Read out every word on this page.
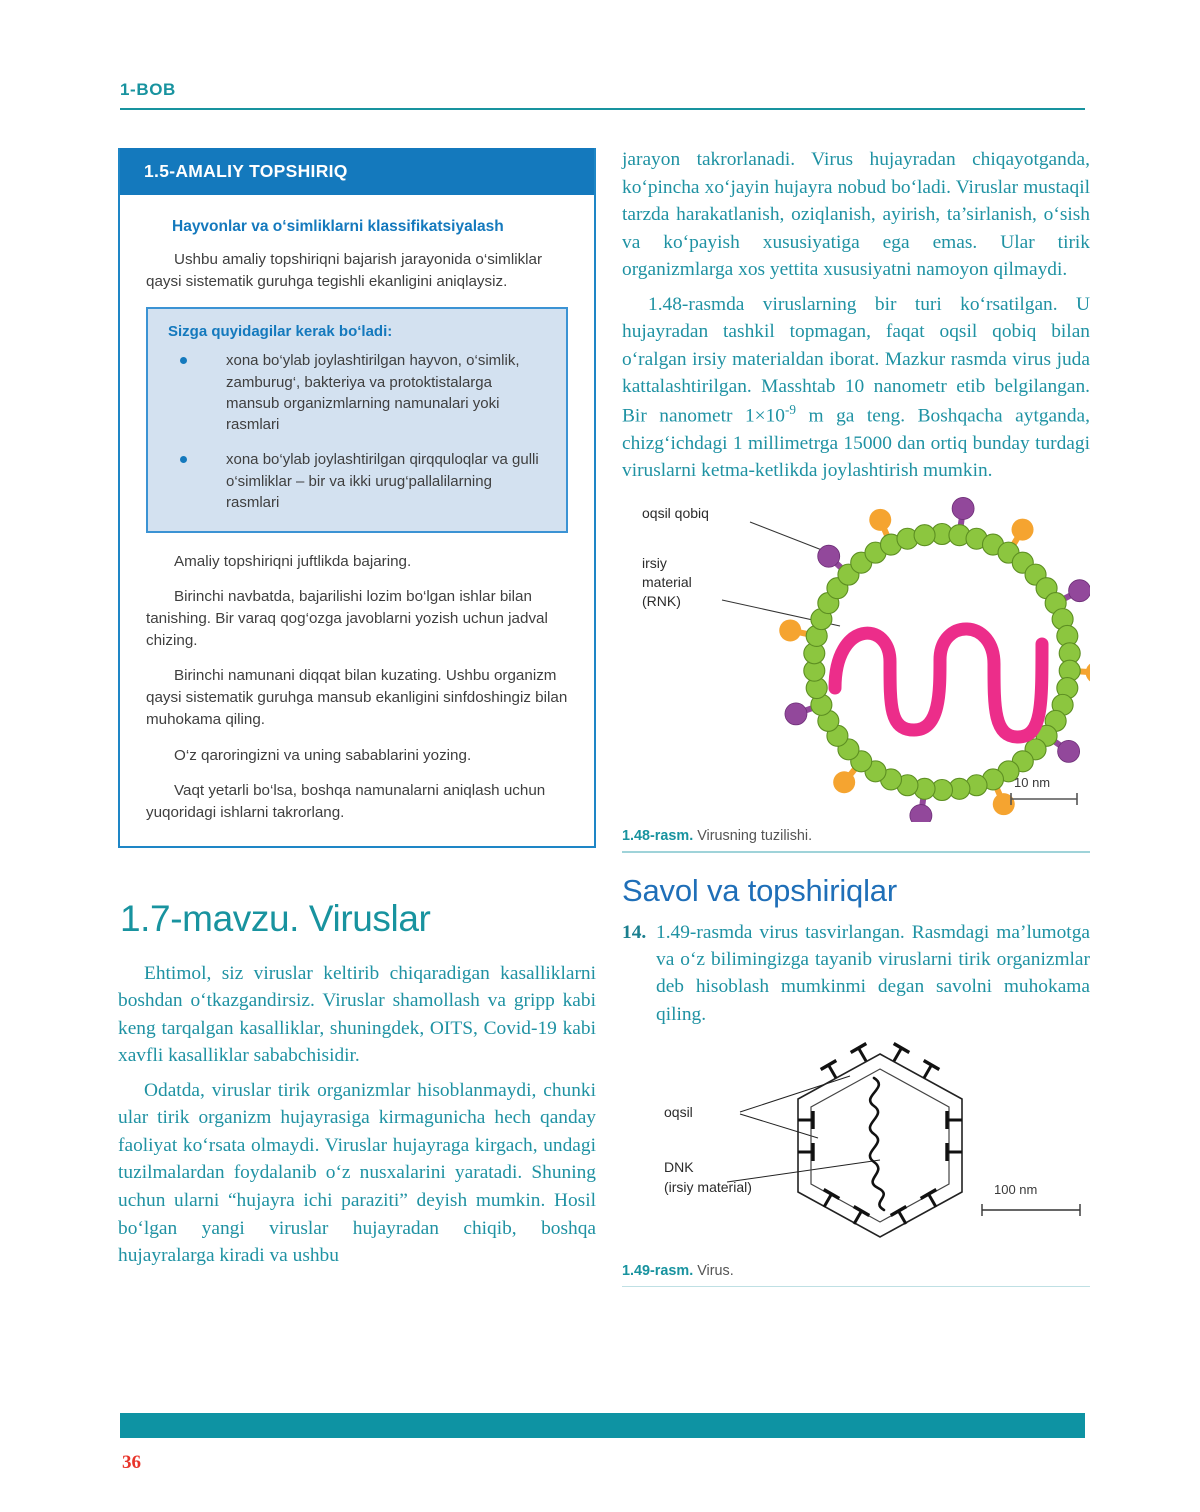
1-BOB
1.5-AMALIY TOPSHIRIQ
Hayvonlar va o‘simliklarni klassifikatsiyalash

Ushbu amaliy topshiriqni bajarish jarayonida o‘simliklar qaysi sistematik guruhga tegishli ekanligini aniqlaysiz.

Sizga quyidagilar kerak bo‘ladi:
xona bo‘ylab joylashtirilgan hayvon, o‘simlik, zamburug‘, bakteriya va protoktistalarga mansub organizmlarning namunalari yoki rasmlari
xona bo‘ylab joylashtirilgan qirqquloqlar va gulli o‘simliklar – bir va ikki urug‘pallalilarning rasmlari

Amaliy topshiriqni juftlikda bajaring.

Birinchi navbatda, bajarilishi lozim bo‘lgan ishlar bilan tanishing. Bir varaq qog‘ozga javoblarni yozish uchun jadval chizing.

Birinchi namunani diqqat bilan kuzating. Ushbu organizm qaysi sistematik guruhga mansub ekanligini sinfdoshingiz bilan muhokama qiling.

O‘z qaroringizni va uning sabablarini yozing.

Vaqt yetarli bo‘lsa, boshqa namunalarni aniqlash uchun yuqoridagi ishlarni takrorlang.

1.7-mavzu. Viruslar

Ehtimol, siz viruslar keltirib chiqaradigan kasalliklarni boshdan o‘tkazgandirsiz. Viruslar shamollash va gripp kabi keng tarqalgan kasalliklar, shuningdek, OITS, Covid-19 kabi xavfli kasalliklar sababchisidir.

Odatda, viruslar tirik organizmlar hisoblanmaydi, chunki ular tirik organizm hujayrasiga kirmagunicha hech qanday faoliyat ko‘rsata olmaydi. Viruslar hujayraga kirgach, undagi tuzilmalardan foydalanib o‘z nusxalarini yaratadi. Shuning uchun ularni “hujayra ichi paraziti” deyish mumkin. Hosil bo‘lgan yangi viruslar hujayradan chiqib, boshqa hujayralarga kiradi va ushbu

jarayon takrorlanadi. Virus hujayradan chiqayotganda, ko‘pincha xo‘jayin hujayra nobud bo‘ladi. Viruslar mustaqil tarzda harakatlanish, oziqlanish, ayirish, ta’sirlanish, o‘sish va ko‘payish xususiyatiga ega emas. Ular tirik organizmlarga xos yettita xususiyatni namoyon qilmaydi.

1.48-rasmda viruslarning bir turi ko‘rsatilgan. U hujayradan tashkil topmagan, faqat oqsil qobiq bilan o‘ralgan irsiy materialdan iborat. Mazkur rasmda virus juda kattalashtirilgan. Masshtab 10 nanometr etib belgilangan. Bir nanometr $1\times 10^{-9}$ m ga teng. Boshqacha aytganda, chizg‘ichdagi 1 millimetrga 15000 dan ortiq bunday turdagi viruslarni ketma-ketlikda joylashtirish mumkin.

oqsil qobiq
irsiy
material
(RNK)
10 nm
1.48-rasm. Virusning tuzilishi.
Savol va topshiriqlar
14. 1.49-rasmda virus tasvirlangan. Rasmdagi ma’lumotga va o‘z bilimingizga tayanib viruslarni tirik organizmlar deb hisoblash mumkinmi degan savolni muhokama qiling.
oqsil
DNK
(irsiy material)	100 nm
1.49-rasm. Virus.
36
